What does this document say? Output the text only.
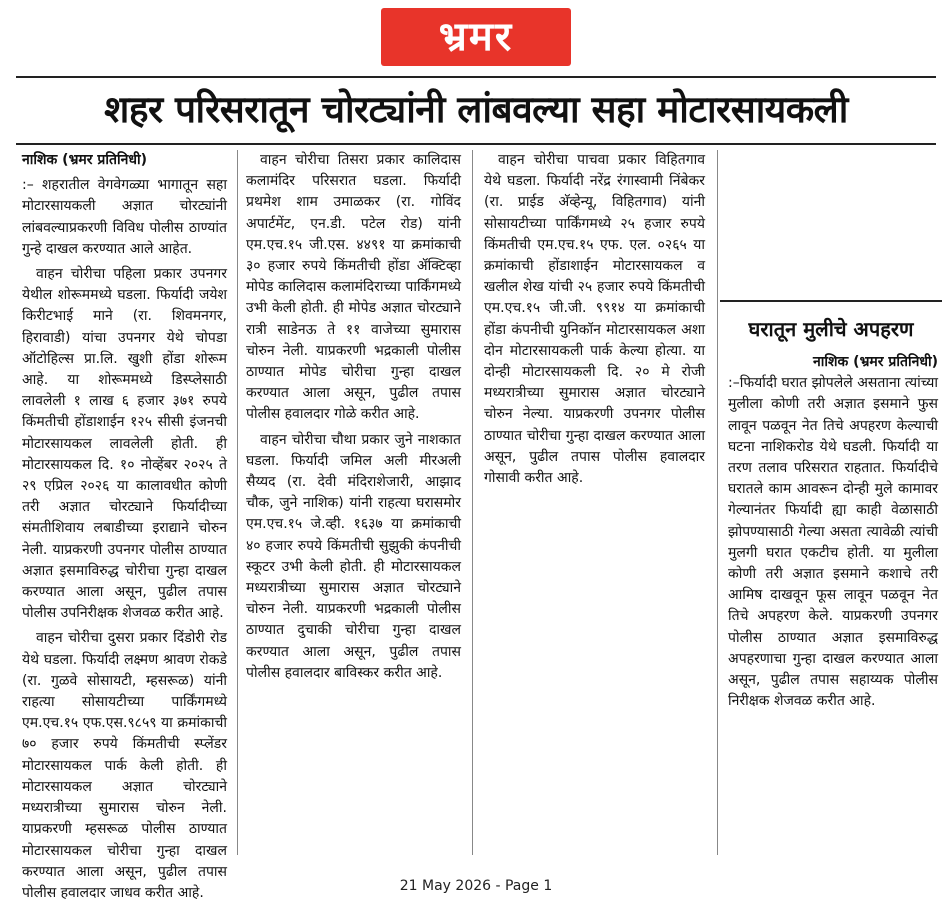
भ्रमर
शहर परिसरातून चोरट्यांनी लांबवल्या सहा मोटारसायकली

नाशिक (भ्रमर प्रतिनिधी)

:– शहरातील वेगवेगळ्या भागातून सहा मोटारसायकली अज्ञात चोरट्यांनी लांबवल्याप्रकरणी विविध पोलीस ठाण्यांत गुन्हे दाखल करण्यात आले आहेत.

वाहन चोरीचा पहिला प्रकार उपनगर येथील शोरूममध्ये घडला. फिर्यादी जयेश किरीटभाई माने (रा. शिवमनगर, हिरावाडी) यांचा उपनगर येथे चोपडा ऑटोहिल्स प्रा.लि. खुशी होंडा शोरूम आहे. या शोरूममध्ये डिस्प्लेसाठी लावलेली १ लाख ६ हजार ३७१ रुपये किंमतीची होंडाशाईन १२५ सीसी इंजनची मोटारसायकल लावलेली होती. ही मोटारसायकल दि. १० नोव्हेंबर २०२५ ते २९ एप्रिल २०२६ या कालावधीत कोणी तरी अज्ञात चोरट्याने फिर्यादीच्या संमतीशिवाय लबाडीच्या इराद्याने चोरुन नेली. याप्रकरणी उपनगर पोलीस ठाण्यात अज्ञात इसमाविरुद्ध चोरीचा गुन्हा दाखल करण्यात आला असून, पुढील तपास पोलीस उपनिरीक्षक शेजवळ करीत आहे.

वाहन चोरीचा दुसरा प्रकार दिंडोरी रोड येथे घडला. फिर्यादी लक्ष्मण श्रावण रोकडे (रा. गुळवे सोसायटी, म्हसरूळ) यांनी राहत्या सोसायटीच्या पार्किंगमध्ये एम.एच.१५ एफ.एस.९८५९ या क्रमांकाची ७० हजार रुपये किंमतीची स्प्लेंडर मोटारसायकल पार्क केली होती. ही मोटारसायकल अज्ञात चोरट्याने मध्यरात्रीच्या सुमारास चोरुन नेली. याप्रकरणी म्हसरूळ पोलीस ठाण्यात मोटारसायकल चोरीचा गुन्हा दाखल करण्यात आला असून, पुढील तपास पोलीस हवालदार जाधव करीत आहे.

वाहन चोरीचा तिसरा प्रकार कालिदास कलामंदिर परिसरात घडला. फिर्यादी प्रथमेश शाम उमाळकर (रा. गोविंद अपार्टमेंट, एन.डी. पटेल रोड) यांनी एम.एच.१५ जी.एस. ४४९१ या क्रमांकाची ३० हजार रुपये किंमतीची होंडा ॲक्टिव्हा मोपेड कालिदास कलामंदिराच्या पार्किंगमध्ये उभी केली होती. ही मोपेड अज्ञात चोरट्याने रात्री साडेनऊ ते ११ वाजेच्या सुमारास चोरुन नेली. याप्रकरणी भद्रकाली पोलीस ठाण्यात मोपेड चोरीचा गुन्हा दाखल करण्यात आला असून, पुढील तपास पोलीस हवालदार गोळे करीत आहे.

वाहन चोरीचा चौथा प्रकार जुने नाशकात घडला. फिर्यादी जमिल अली मीरअली सैय्यद (रा. देवी मंदिराशेजारी, आझाद चौक, जुने नाशिक) यांनी राहत्या घरासमोर एम.एच.१५ जे.व्ही. १६३७ या क्रमांकाची ४० हजार रुपये किंमतीची सुझुकी कंपनीची स्कूटर उभी केली होती. ही मोटारसायकल मध्यरात्रीच्या सुमारास अज्ञात चोरट्याने चोरुन नेली. याप्रकरणी भद्रकाली पोलीस ठाण्यात दुचाकी चोरीचा गुन्हा दाखल करण्यात आला असून, पुढील तपास पोलीस हवालदार बाविस्कर करीत आहे.

वाहन चोरीचा पाचवा प्रकार विहितगाव येथे घडला. फिर्यादी नरेंद्र रंगास्वामी निंबेकर (रा. प्राईड अ‍ॅव्हेन्यू, विहितगाव) यांनी सोसायटीच्या पार्किंगमध्ये २५ हजार रुपये किंमतीची एम.एच.१५ एफ. एल. ०२६५ या क्रमांकाची होंडाशाईन मोटारसायकल व खलील शेख यांची २५ हजार रुपये किंमतीची एम.एच.१५ जी.जी. ९९१४ या क्रमांकाची होंडा कंपनीची युनिकॉन मोटारसायकल अशा दोन मोटारसायकली पार्क केल्या होत्या. या दोन्ही मोटारसायकली दि. २० मे रोजी मध्यरात्रीच्या सुमारास अज्ञात चोरट्याने चोरुन नेल्या. याप्रकरणी उपनगर पोलीस ठाण्यात चोरीचा गुन्हा दाखल करण्यात आला असून, पुढील तपास पोलीस हवालदार गोसावी करीत आहे.

घरातून मुलीचे अपहरण

नाशिक (भ्रमर प्रतिनिधी)

:–फिर्यादी घरात झोपलेले असताना त्यांच्या मुलीला कोणी तरी अज्ञात इसमाने फुस लावून पळवून नेत तिचे अपहरण केल्याची घटना नाशिकरोड येथे घडली. फिर्यादी या तरण तलाव परिसरात राहतात. फिर्यादीचे घरातले काम आवरून दोन्ही मुले कामावर गेल्यानंतर फिर्यादी ह्या काही वेळासाठी झोपण्यासाठी गेल्या असता त्यावेळी त्यांची मुलगी घरात एकटीच होती. या मुलीला कोणी तरी अज्ञात इसमाने कशाचे तरी आमिष दाखवून फूस लावून पळवून नेत तिचे अपहरण केले. याप्रकरणी उपनगर पोलीस ठाण्यात अज्ञात इसमाविरुद्ध अपहरणाचा गुन्हा दाखल करण्यात आला असून, पुढील तपास सहाय्यक पोलीस निरीक्षक शेजवळ करीत आहे.

21 May 2026 - Page 1
